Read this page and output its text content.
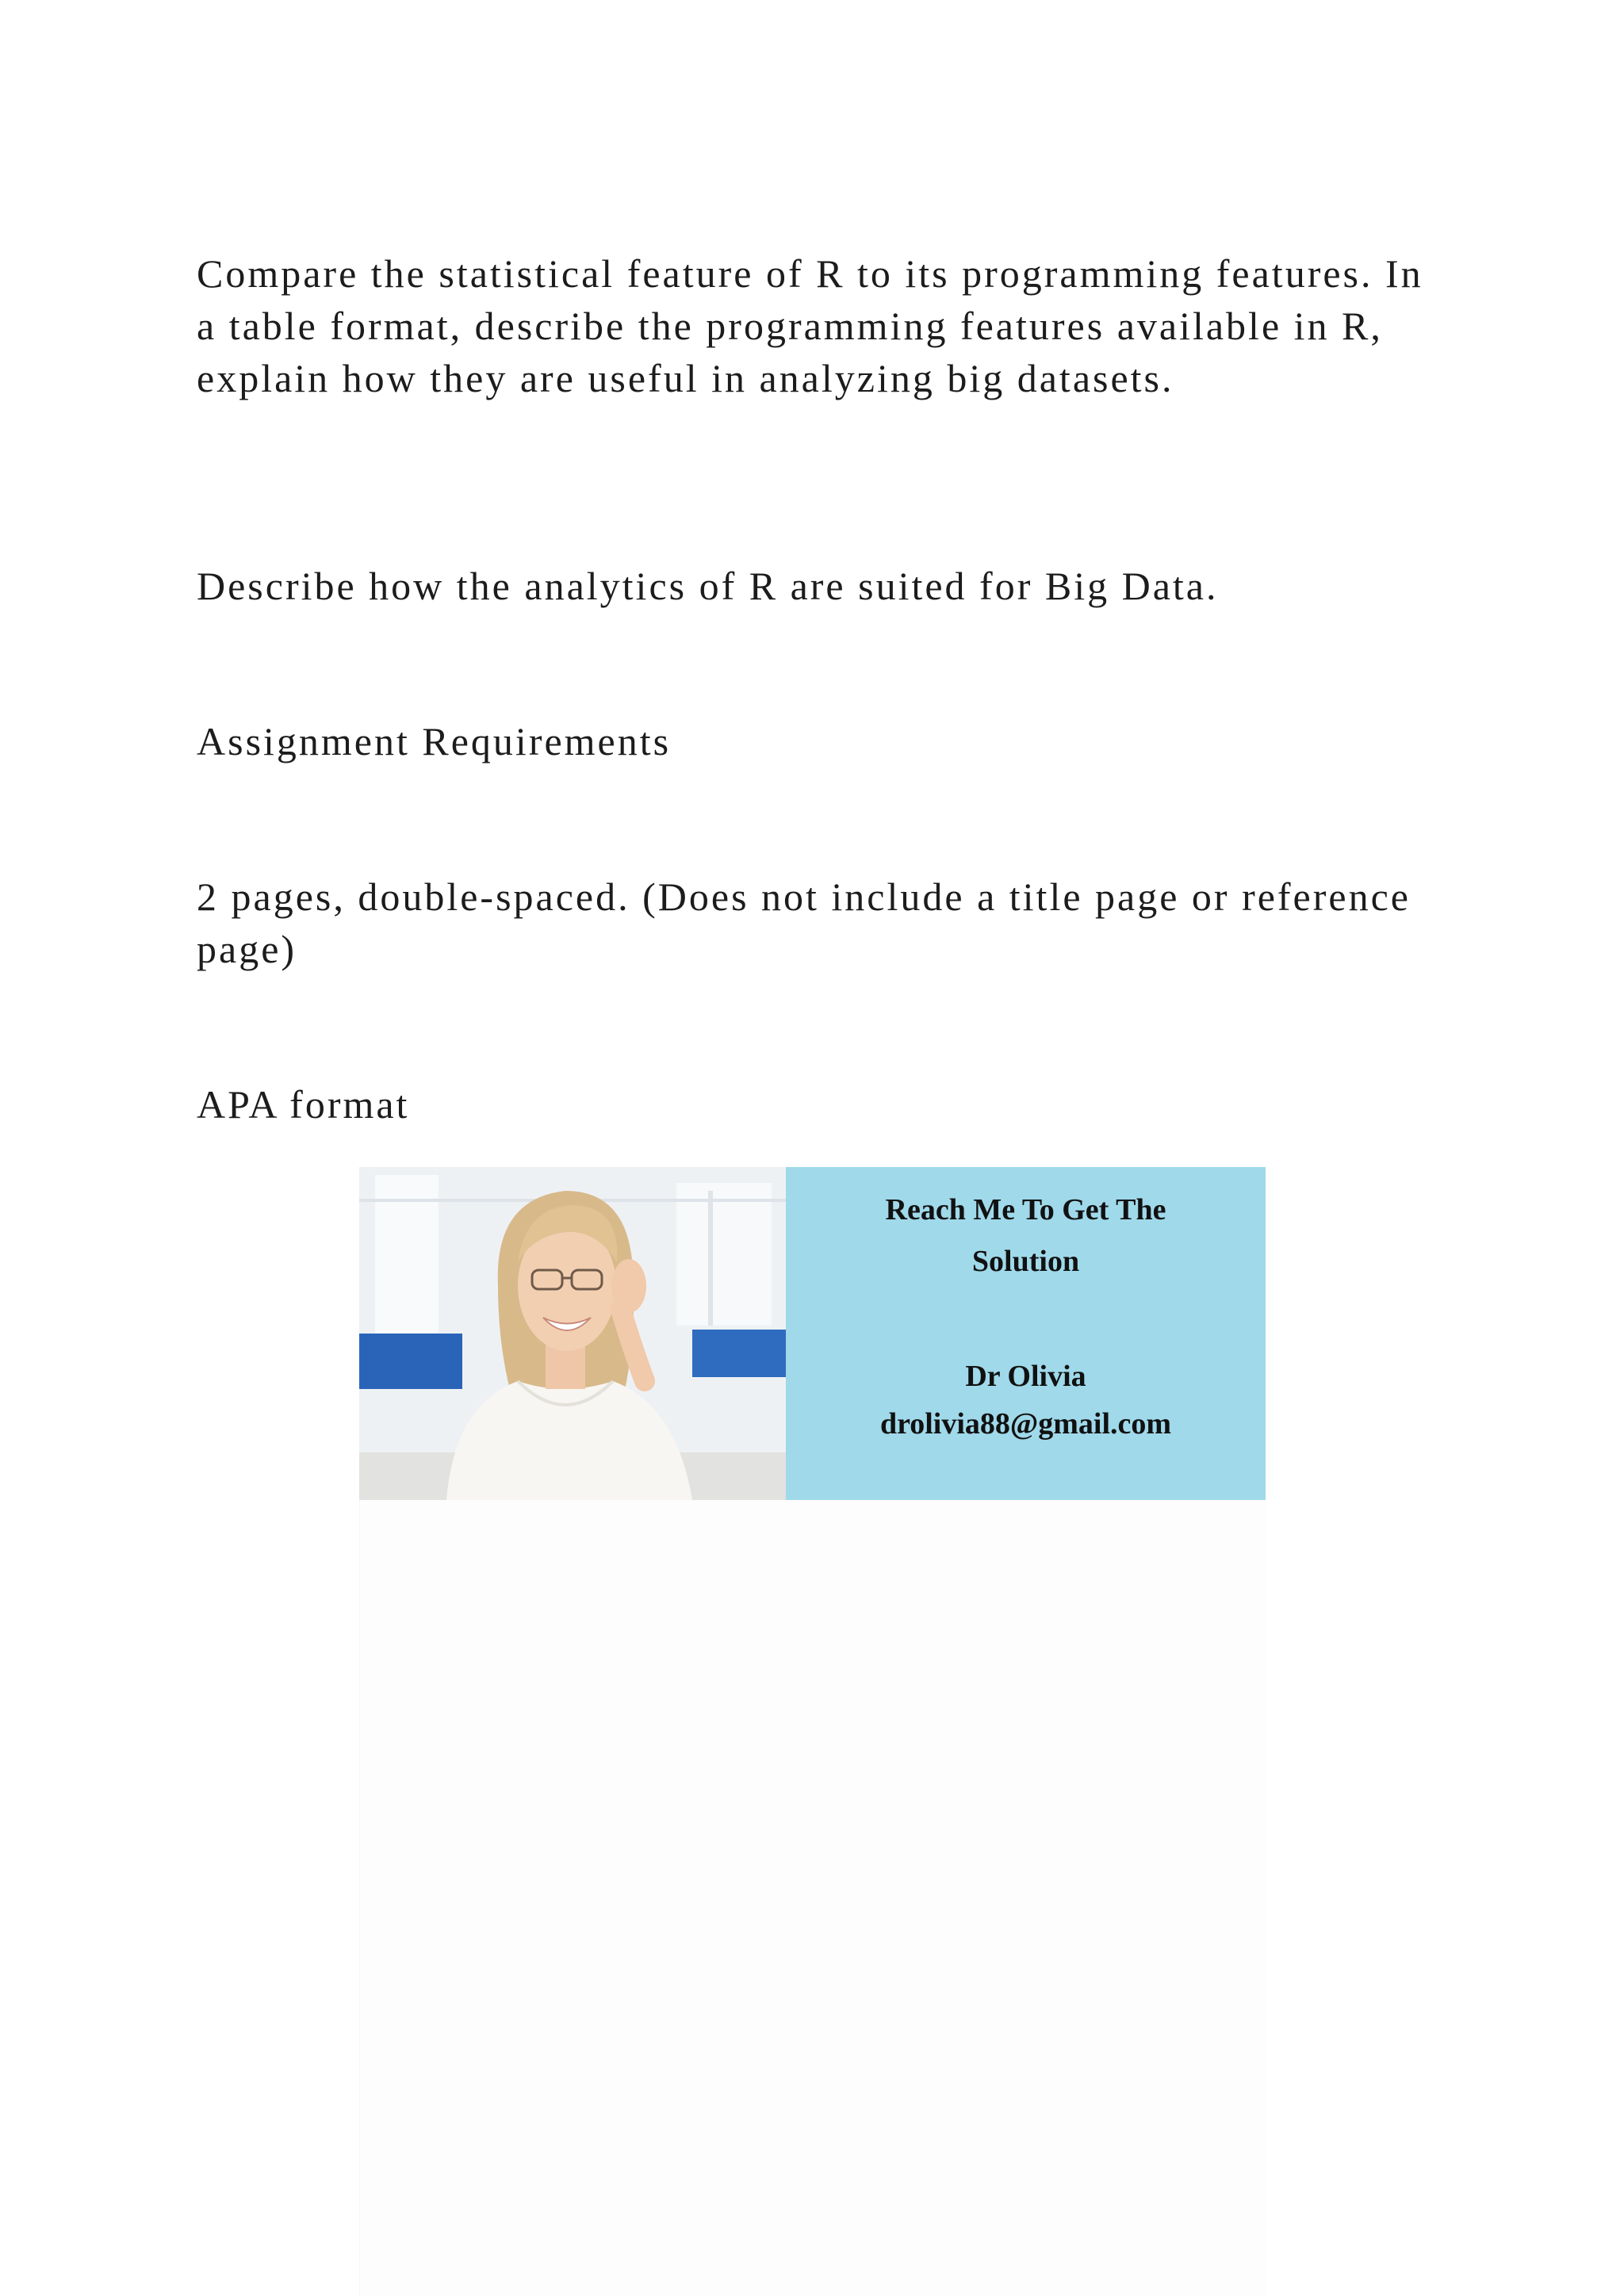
Compare the statistical feature of R to its programming features. In a table format, describe the programming features available in R, explain how they are useful in analyzing big datasets.

Describe how the analytics of R are suited for Big Data.

Assignment Requirements

2 pages, double-spaced. (Does not include a title page or reference page)

APA format

Reach Me To Get The
Solution
Dr Olivia
drolivia88@gmail.com
